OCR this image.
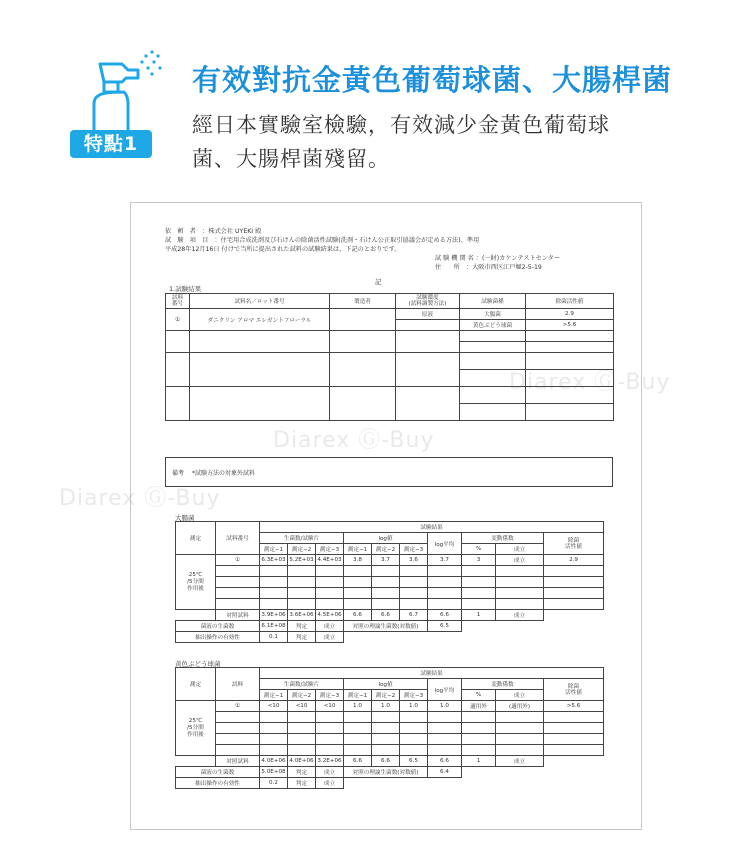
特點1
有效對抗金黃色葡萄球菌、大腸桿菌
經日本實驗室檢驗，有效減少金黃色葡萄球
菌、大腸桿菌殘留。
Diarex Ⓖ-Buy
Diarex Ⓖ-Buy
Diarex Ⓖ-Buy
依　頼　者　：株式会社 UYEKI 殿
試　験　項　目　：住宅用合成洗剤及び石けんの除菌活性試験(洗剤・石けん公正取引協議会が定める方法)、準用
平成28年12月16日 付けで当所に提出された試料の試験結果は、下記のとおりです。
試 験 機 関 名 ：(一財)カケンテストセンター
住　　所　：大阪市西区江戸堀2-5-19
記
1.試験結果
試料
番号	試料名／ロット番号	製造者	試験濃度
(試料調製方法)	試験菌種	除菌活性値
①	ダニクリン アロマ エレガントフローラル		原液	大腸菌	2.9
				黄色ぶどう球菌	>5.6

備考 *試験方法の対象外試料
大腸菌
測定	試料番号	試験結果									
		生菌数/試験片			log値			log平均	変動係数		除菌
活性値
		測定−1	測定−2	測定−3	測定−1	測定−2	測定−3		%	成立	
25℃
/5分間
作用後	①	6.3E+03	5.2E+03	4.4E+03	3.8	3.7	3.6	3.7	3	成立	2.9

	対照試料	3.9E+06	3.6E+06	4.5E+06	6.6	6.6	6.7	6.6	1	成立	
菌液の生菌数		6.1E+08	判定	成立	対照の理論生菌数(対数値)			6.5			
抽出操作の有効性		0.1	判定	成立							
黄色ぶどう球菌
測定	試料	試験結果									
		生菌数/試験片			log値			log平均	変動係数		除菌
活性値
		測定−1	測定−2	測定−3	測定−1	測定−2	測定−3		%	成立	
25℃
/5分間
作用後	①	<10	<10	<10	1.0	1.0	1.0	1.0	適用外	(適用外)	>5.6

	対照試料	4.0E+06	4.0E+06	3.2E+06	6.6	6.6	6.5	6.6	1	成立	
菌液の生菌数		5.0E+08	判定	成立	対照の理論生菌数(対数値)			6.4			
抽出操作の有効性		0.2	判定	成立							
